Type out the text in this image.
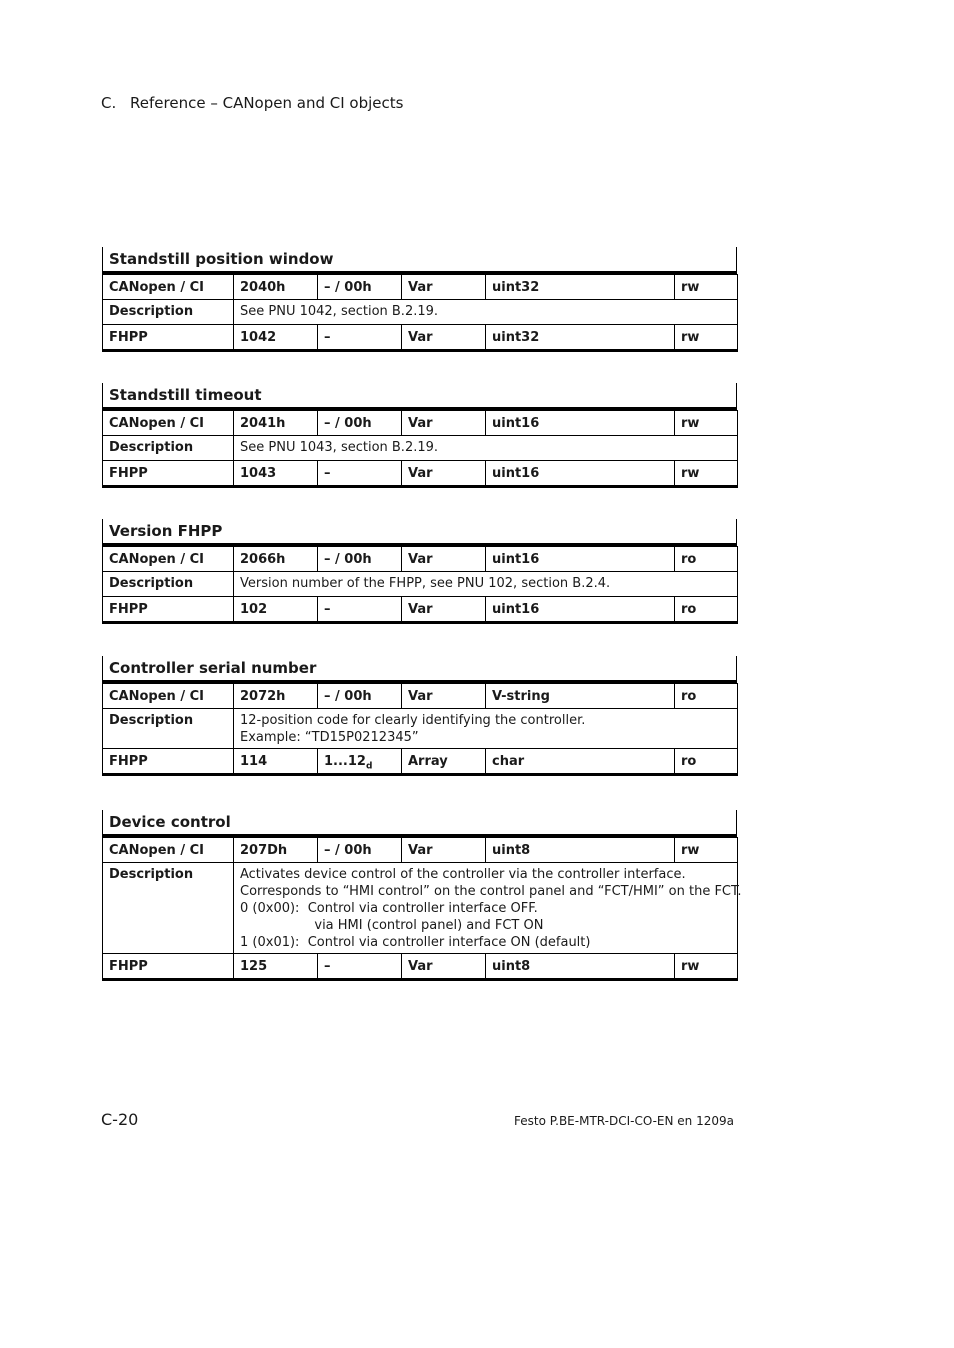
C. Reference – CANopen and CI objects
Standstill position window
CANopen / CI	2040h	– / 00h	Var	uint32	rw
Description	See PNU 1042, section B.2.19.				

FHPP	1042	–	Var	uint32	rw
Standstill timeout
CANopen / CI	2041h	– / 00h	Var	uint16	rw
Description	See PNU 1043, section B.2.19.				

FHPP	1043	–	Var	uint16	rw
Version FHPP
CANopen / CI	2066h	– / 00h	Var	uint16	ro
Description	Version number of the FHPP, see PNU 102, section B.2.4.				

FHPP	102	–	Var	uint16	ro
Controller serial number
CANopen / CI	2072h	– / 00h	Var	V-string	ro
Description	12-position code for clearly identifying the controller.
Example: “TD15P0212345”				

FHPP	114	$1...12_d$	Array	char	ro
Device control
CANopen / CI	207Dh	– / 00h	Var	uint8	rw
Description	Activates device control of the controller via the controller interface.
Corresponds to “HMI control” on the control panel and “FCT/HMI” on the FCT.
0 (0x00):  Control via controller interface OFF.
via HMI (control panel) and FCT ON
1 (0x01):  Control via controller interface ON (default)				

FHPP	125	–	Var	uint8	rw
C-20	Festo P.BE-MTR-DCI-CO-EN en 1209a
